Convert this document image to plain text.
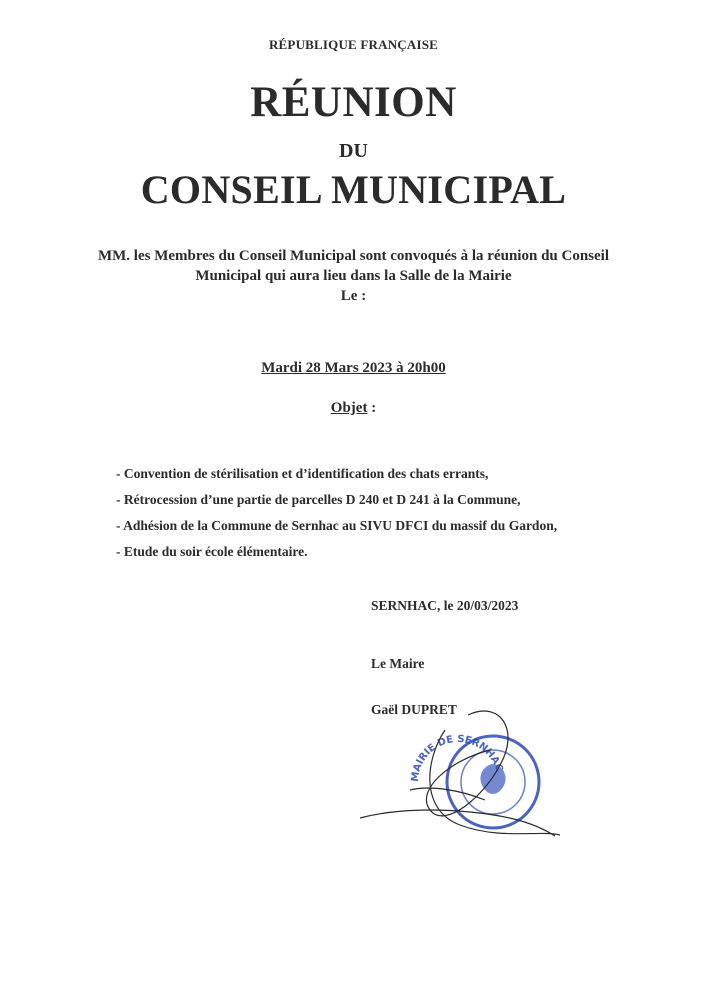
RÉPUBLIQUE FRANÇAISE
RÉUNION
DU
CONSEIL MUNICIPAL
MM. les Membres du Conseil Municipal sont convoqués à la réunion du Conseil
Municipal qui aura lieu dans la Salle de la Mairie
Le :
Mardi 28 Mars 2023 à 20h00
Objet :
- Convention de stérilisation et d’identification des chats errants,
- Rétrocession d’une partie de parcelles D 240 et D 241 à la Commune,
- Adhésion de la Commune de Sernhac au SIVU DFCI du massif du Gardon,
- Etude du soir école élémentaire.
SERNHAC, le 20/03/2023
Le Maire
Gaël DUPRET
MAIRIE DE SERNHAC
